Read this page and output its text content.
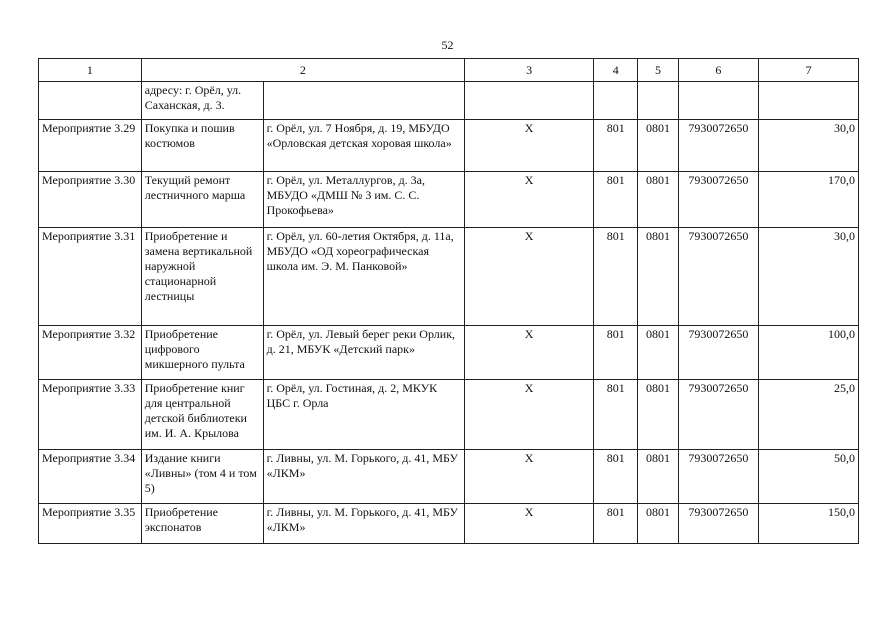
52
1	2		3	4	5	6	7
	адресу: г. Орёл, ул. Саханская, д. 3.						
Мероприятие 3.29	Покупка и пошив костюмов	г. Орёл, ул. 7 Ноября, д. 19, МБУДО «Орловская детская хоровая школа»	Х	801	0801	7930072650	30,0
Мероприятие 3.30	Текущий ремонт лестничного марша	г. Орёл, ул. Металлургов, д. 3а, МБУДО «ДМШ № 3 им. С. С. Прокофьева»	Х	801	0801	7930072650	170,0
Мероприятие 3.31	Приобретение и замена вертикальной наружной стационарной лестницы	г. Орёл, ул. 60-летия Октября, д. 11а, МБУДО «ОД хореографическая школа им. Э. М. Панковой»	Х	801	0801	7930072650	30,0
Мероприятие 3.32	Приобретение цифрового микшерного пульта	г. Орёл, ул. Левый берег реки Орлик, д. 21, МБУК «Детский парк»	Х	801	0801	7930072650	100,0
Мероприятие 3.33	Приобретение книг для центральной детской библиотеки им. И. А. Крылова	г. Орёл, ул. Гостиная, д. 2, МКУК ЦБС г. Орла	Х	801	0801	7930072650	25,0
Мероприятие 3.34	Издание книги «Ливны» (том 4 и том 5)	г. Ливны, ул. М. Горького, д. 41, МБУ «ЛКМ»	Х	801	0801	7930072650	50,0
Мероприятие 3.35	Приобретение экспонатов	г. Ливны, ул. М. Горького, д. 41, МБУ «ЛКМ»	Х	801	0801	7930072650	150,0
